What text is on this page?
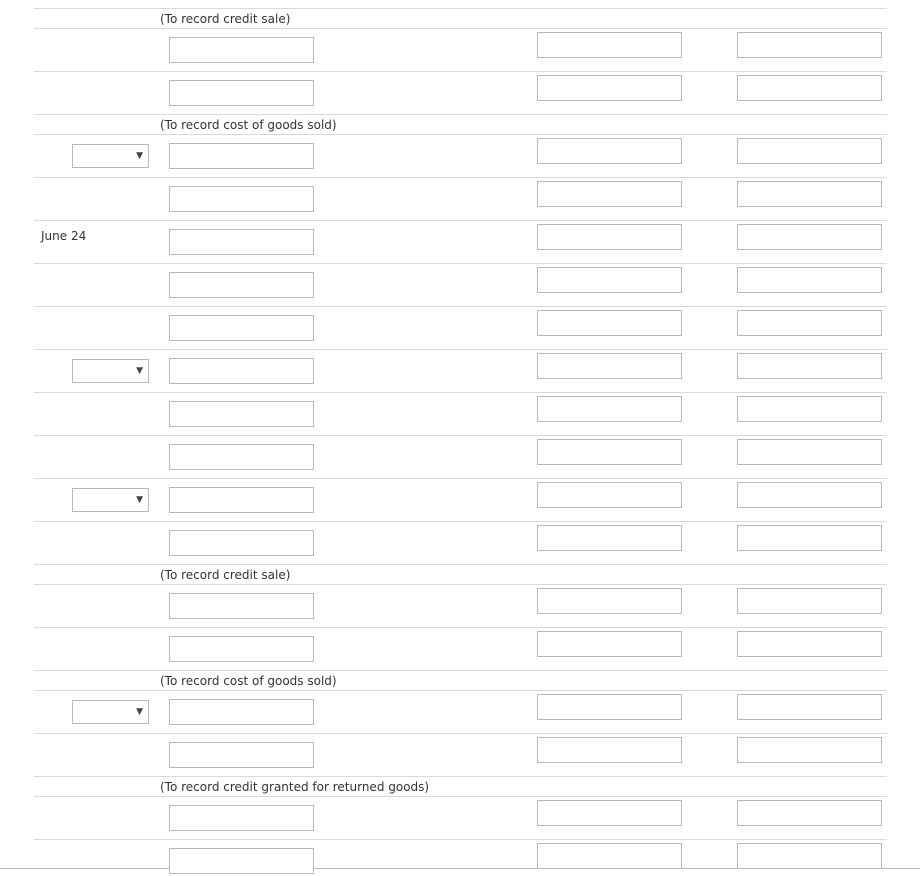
(To record credit sale)
(To record cost of goods sold)
(To record credit sale)
(To record cost of goods sold)
(To record credit granted for returned goods)
June 24
▼
▼
▼
▼
